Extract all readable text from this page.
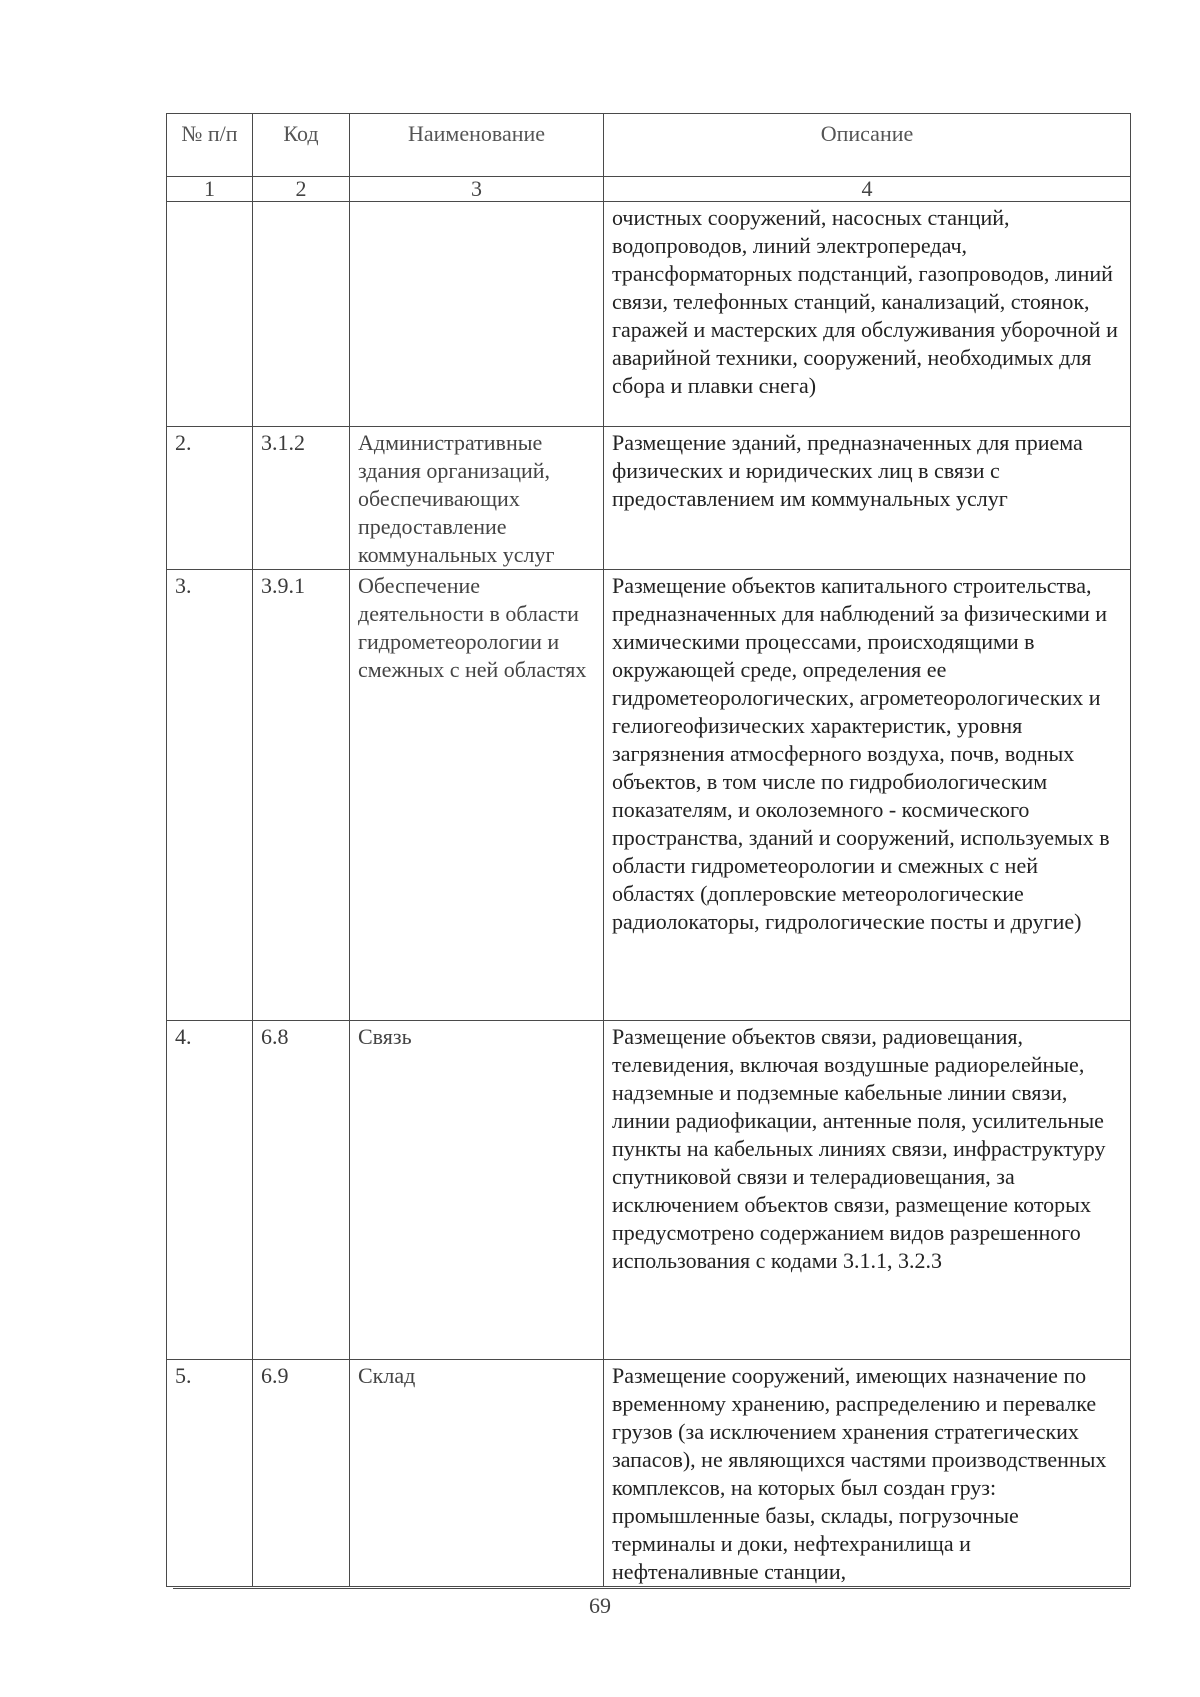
№ п/п	Код	Наименование	Описание
1	2	3	4
			очистных сооружений, насосных станций, водопроводов, линий электропередач, трансформаторных подстанций, газопроводов, линий связи, телефонных станций, канализаций, стоянок, гаражей и мастерских для обслуживания уборочной и аварийной техники, сооружений, необходимых для сбора и плавки снега)
2.	3.1.2	Административные здания организаций, обеспечивающих предоставление коммунальных услуг	Размещение зданий, предназначенных для приема физических и юридических лиц в связи с предоставлением им коммунальных услуг
3.	3.9.1	Обеспечение деятельности в области гидрометеорологии и смежных с ней областях	Размещение объектов капитального строительства, предназначенных для наблюдений за физическими и химическими процессами, происходящими в окружающей среде, определения ее гидрометеорологических, агрометеорологических и гелиогеофизических характеристик, уровня загрязнения атмосферного воздуха, почв, водных объектов, в том числе по гидробиологическим показателям, и околоземного - космического пространства, зданий и сооружений, используемых в области гидрометеорологии и смежных с ней областях (доплеровские метеорологические радиолокаторы, гидрологические посты и другие)
4.	6.8	Связь	Размещение объектов связи, радиовещания, телевидения, включая воздушные радиорелейные, надземные и подземные кабельные линии связи, линии радиофикации, антенные поля, усилительные пункты на кабельных линиях связи, инфраструктуру спутниковой связи и телерадиовещания, за исключением объектов связи, размещение которых предусмотрено содержанием видов разрешенного использования с кодами 3.1.1, 3.2.3
5.	6.9	Склад	Размещение сооружений, имеющих назначение по временному хранению, распределению и перевалке грузов (за исключением хранения стратегических запасов), не являющихся частями производственных комплексов, на которых был создан груз: промышленные базы, склады, погрузочные терминалы и доки, нефтехранилища и нефтеналивные станции,
69
